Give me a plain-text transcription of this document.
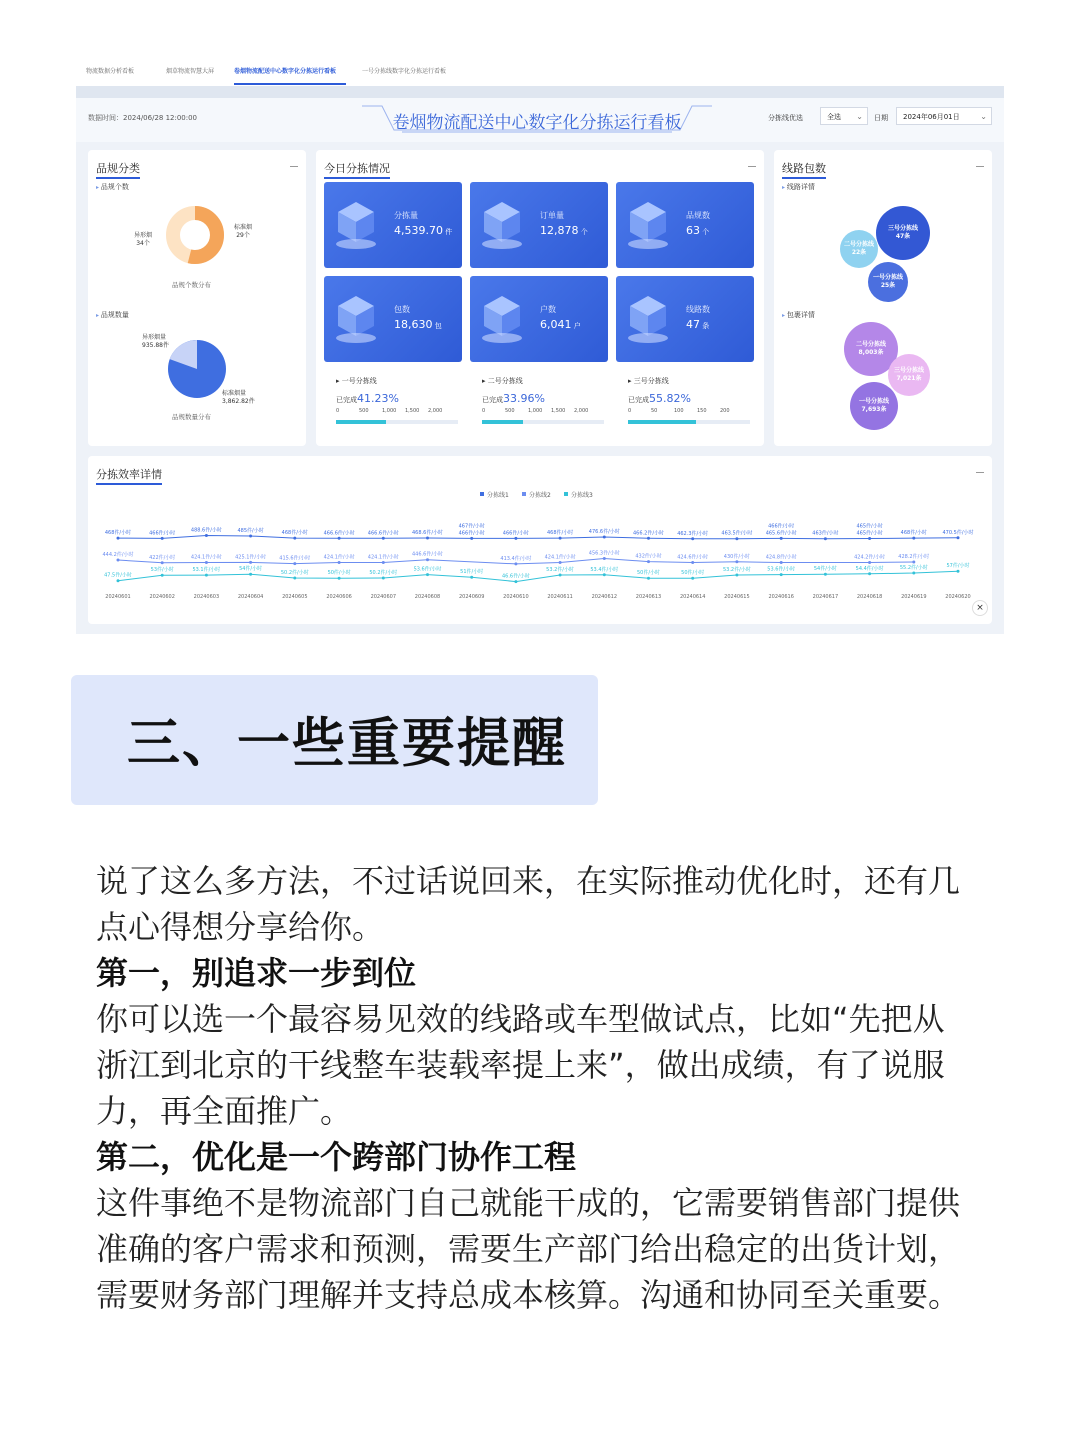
物流数据分析看板	烟草物流智慧大屏	卷烟物流配送中心数字化分拣运行看板	一号分拣线数字化分拣运行看板
数据时间：2024/06/28 12:00:00	卷烟物流配送中心数字化分拣运行看板	分拣线优选	全选 ⌄ 日期	2024年06月01日	⌄
品规分类
▸ 品规个数
异形烟
34个
标准烟
29个
品规个数分布
▸ 品规数量
异形烟量
935.88件
标准烟量
3,862.82件
品规数量分布
今日分拣情况	线路包数
▸ 线路详情
▸ 包裹详情
分拣效率详情
分拣线1	分拣线2	分拣线3
468件/小时	466件/小时	488.6件/小时	485件/小时	468件/小时	466.6件/小时	466.6件/小时	468.6件/小时
467件/小时
466件/小时	466件/小时	468件/小时	476.6件/小时	466.2件/小时	462.3件/小时	463.5件/小时
466件/小时
465.6件/小时	463件/小时
465件/小时
465件/小时	468件/小时	470.5件/小时
444.2件/小时	422件/小时	424.1件/小时	425.1件/小时	415.6件/小时	424.1件/小时	424.1件/小时	446.6件/小时
413.4件/小时	424.1件/小时
456.3件/小时
432件/小时	424.6件/小时	430件/小时	424.8件/小时	424.2件/小时	428.2件/小时
47.5件/小时
53件/小时	53.1件/小时	54件/小时
50.2件/小时	50件/小时	50.2件/小时
53.6件/小时	51件/小时
46.6件/小时
53.2件/小时	53.4件/小时
50件/小时	50件/小时
53.2件/小时	53.6件/小时	54件/小时	54.4件/小时	55.2件/小时	57件/小时
20240601	20240602	20240603	20240604	20240605	20240606	20240607	20240608	20240609	20240610	20240611	20240612	20240613	20240614	20240615	20240616	20240617	20240618	20240619	20240620
×
分拣量
4,539.70 件
订单量
12,878 个
品规数
63 个
包数
18,630 包
户数
6,041 户
线路数
47 条
▸ 一号分拣线
已完成41.23%
0	500	1,000 1,500 2,000
▸ 二号分拣线
已完成33.96%
0	500	1,000 1,500 2,000
▸ 三号分拣线
已完成55.82%
0	50	100	150	200
三号分拣线
47条
二号分拣线
22条
一号分拣线
25条
二号分拣线
8,003条
三号分拣线
7,021条
一号分拣线
7,693条
三、一些重要提醒

说了这么多方法，不过话说回来，在实际推动优化时，还有几点心得想分享给你。

第一，别追求一步到位

你可以选一个最容易见效的线路或车型做试点，比如“先把从浙江到北京的干线整车装载率提上来”，做出成绩，有了说服力，再全面推广。

第二，优化是一个跨部门协作工程

这件事绝不是物流部门自己就能干成的，它需要销售部门提供准确的客户需求和预测，需要生产部门给出稳定的出货计划，需要财务部门理解并支持总成本核算。沟通和协同至关重要。
